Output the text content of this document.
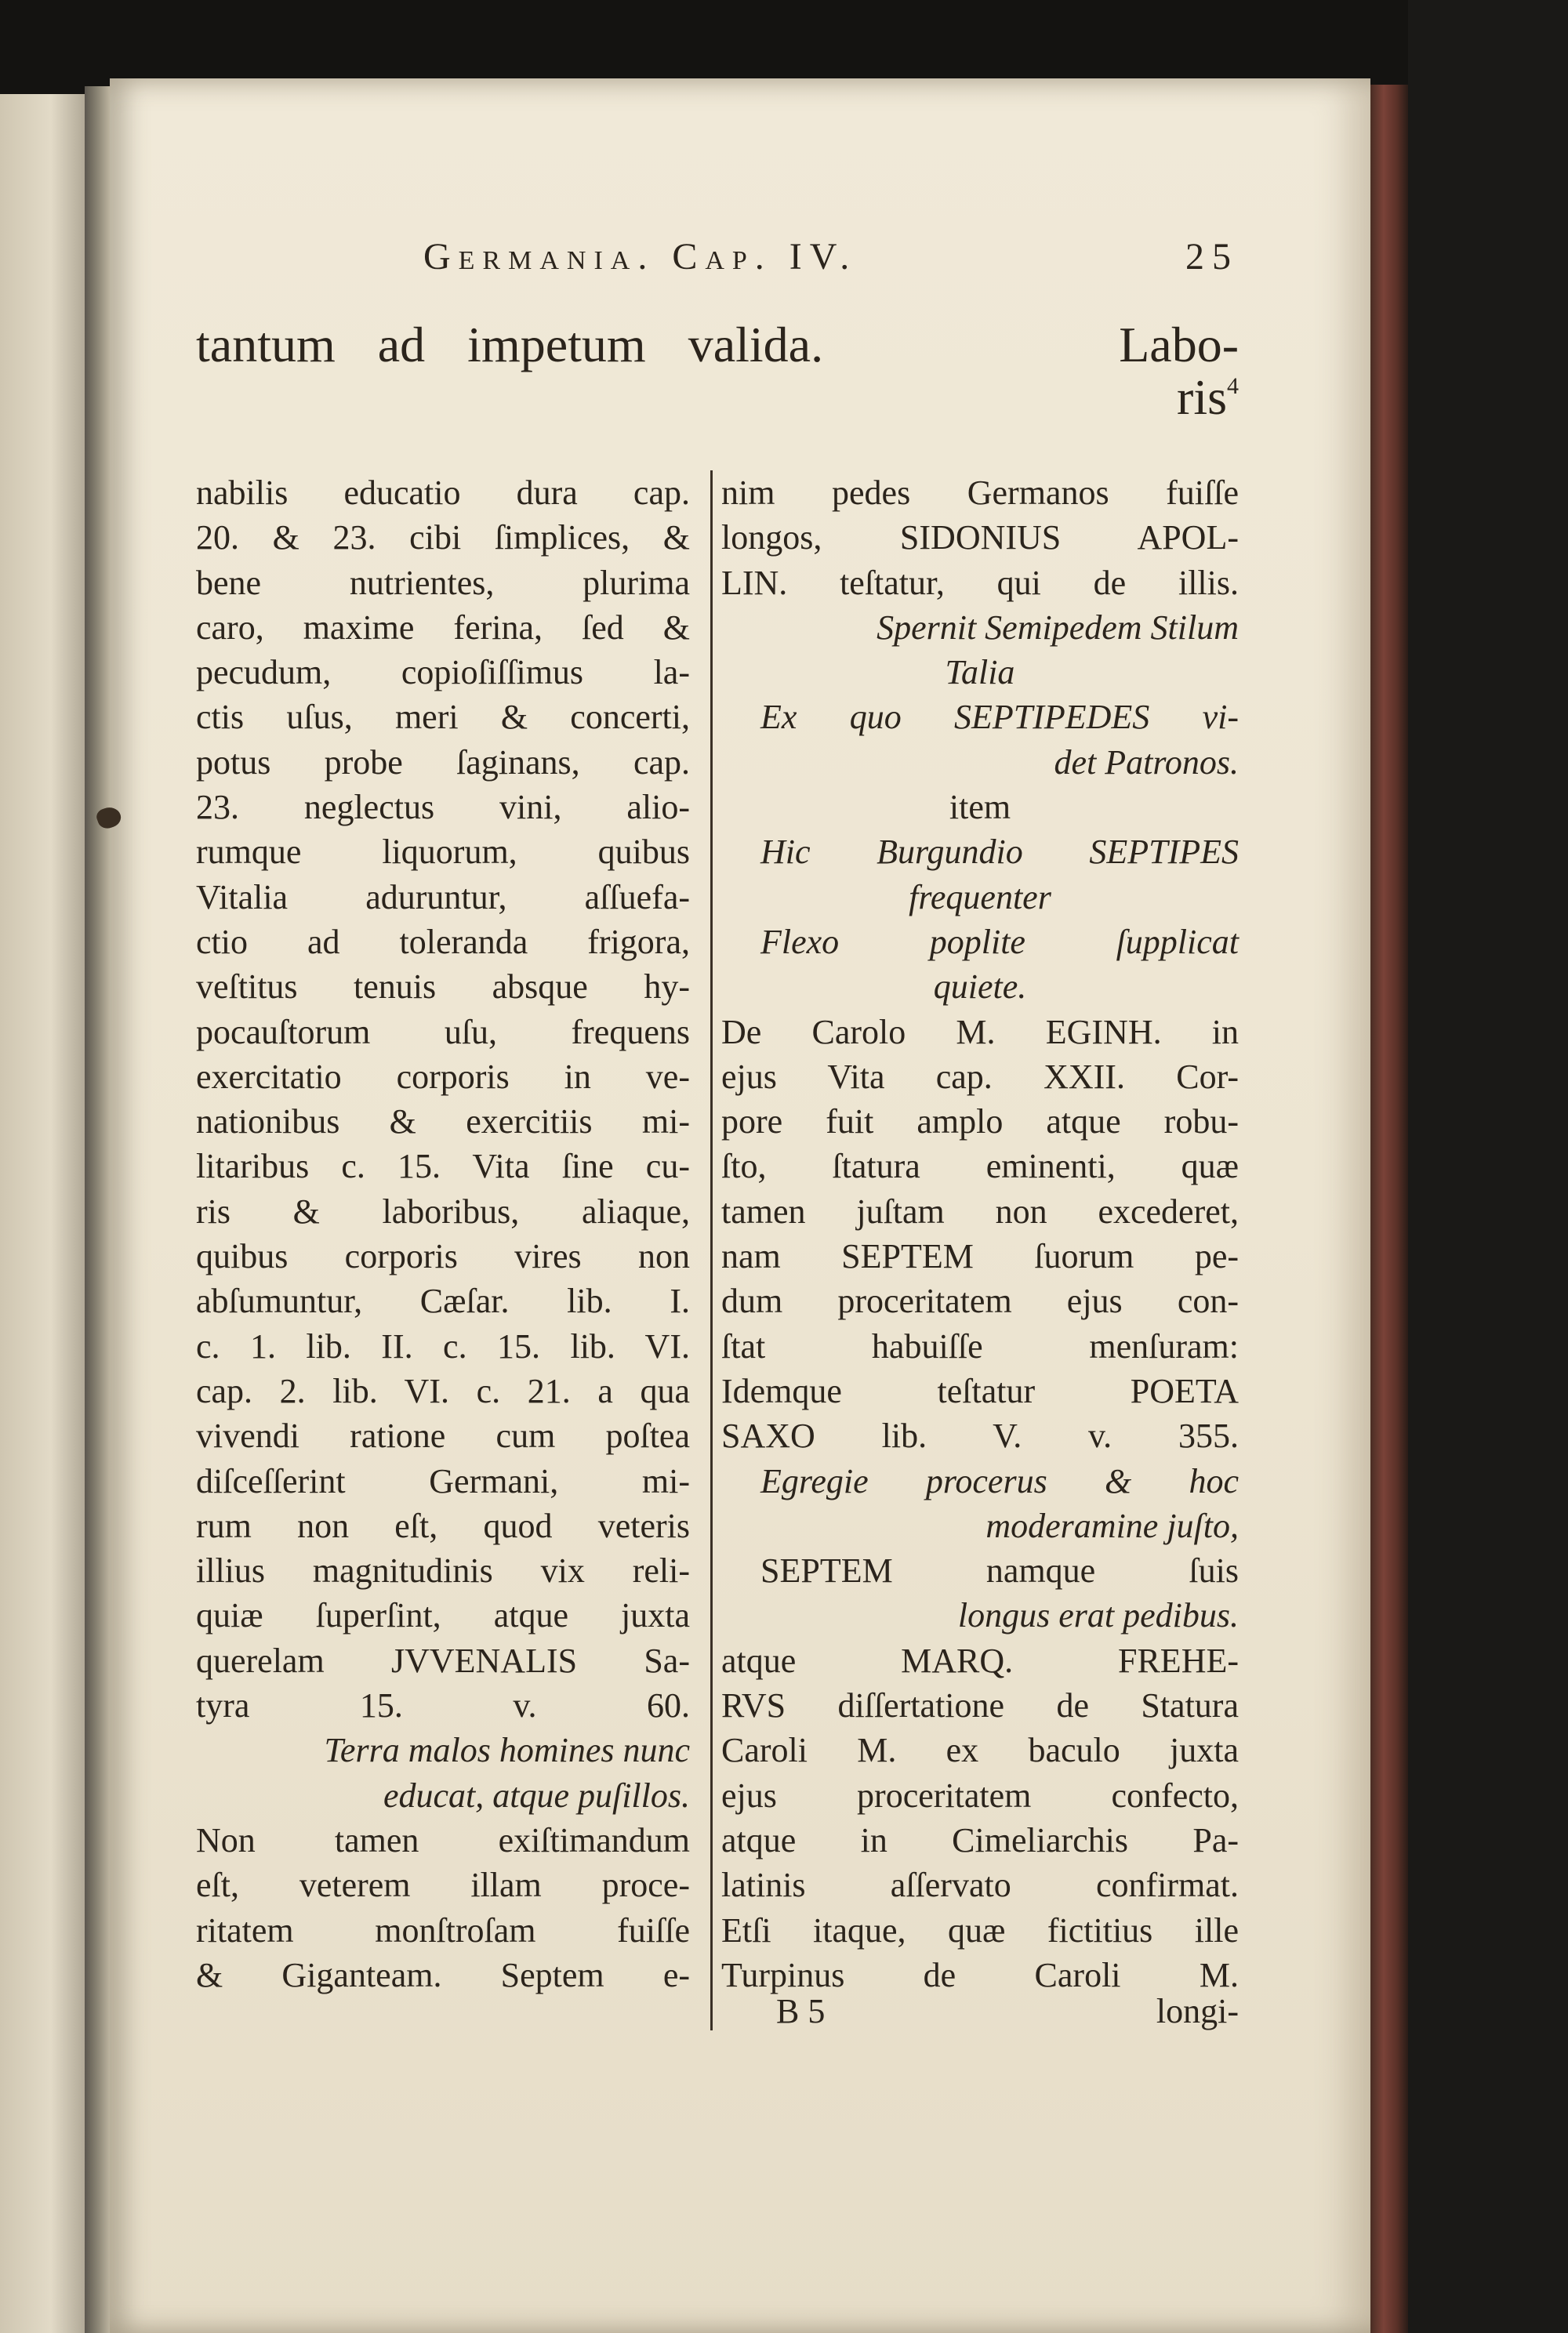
Germania. Cap. IV.	25
tantum ad impetum valida.	Labo-
ris$^4$
nabilis educatio dura cap.
20. & 23. cibi ſimplices, &
bene nutrientes, plurima
caro, maxime ferina, ſed &
pecudum, copioſiſſimus la-
ctis uſus, meri & concerti,
potus probe ſaginans, cap.
23. neglectus vini, alio-
rumque liquorum, quibus
Vitalia aduruntur, aſſuefa-
ctio ad toleranda frigora,
veſtitus tenuis absque hy-
pocauſtorum uſu, frequens
exercitatio corporis in ve-
nationibus & exercitiis mi-
litaribus c. 15. Vita ſine cu-
ris & laboribus, aliaque,
quibus corporis vires non
abſumuntur, Cæſar. lib. I.
c. 1. lib. II. c. 15. lib. VI.
cap. 2. lib. VI. c. 21. a qua
vivendi ratione cum poſtea
diſceſſerint Germani, mi-
rum non eſt, quod veteris
illius magnitudinis vix reli-
quiæ ſuperſint, atque juxta
querelam JVVENALIS Sa-
tyra 15. v. 60.
Terra malos homines nunc
educat, atque puſillos.
Non tamen exiſtimandum
eſt, veterem illam proce-
ritatem monſtroſam fuiſſe
& Giganteam. Septem e-
nim pedes Germanos fuiſſe
longos, SIDONIUS APOL-
LIN. teſtatur, qui de illis.
Spernit Semipedem Stilum
Talia
Ex quo SEPTIPEDES vi-
det Patronos.
item
Hic Burgundio SEPTIPES
frequenter
Flexo poplite ſupplicat
quiete.
De Carolo M. EGINH. in
ejus Vita cap. XXII. Cor-
pore fuit amplo atque robu-
ſto, ſtatura eminenti, quæ
tamen juſtam non excederet,
nam SEPTEM ſuorum pe-
dum proceritatem ejus con-
ſtat habuiſſe menſuram:
Idemque teſtatur POETA
SAXO lib. V. v. 355.
Egregie procerus & hoc
moderamine juſto,
SEPTEM namque ſuis
longus erat pedibus.
atque MARQ. FREHE-
RVS diſſertatione de Statura
Caroli M. ex baculo juxta
ejus proceritatem confecto,
atque in Cimeliarchis Pa-
latinis aſſervato confirmat.
Etſi itaque, quæ fictitius ille
Turpinus de Caroli M.
B 5	longi-
